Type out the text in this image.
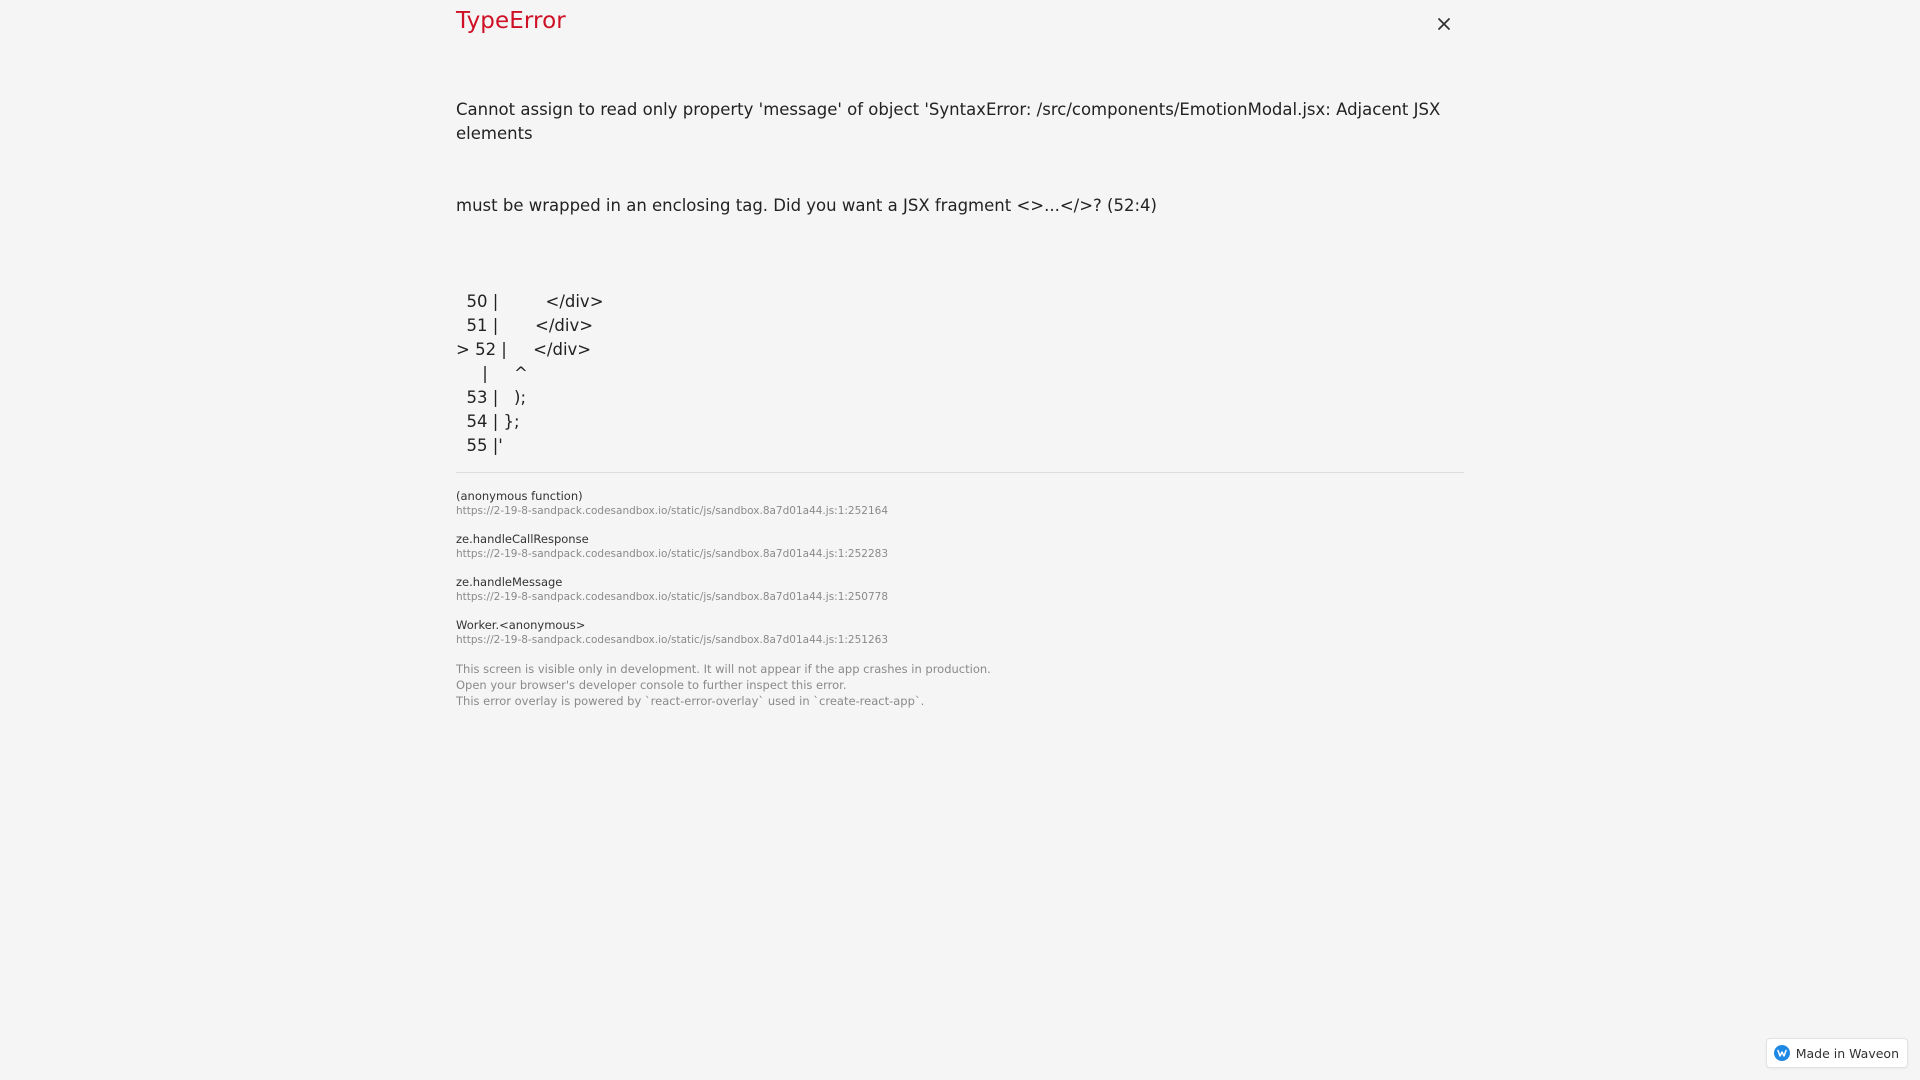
TypeError

Cannot assign to read only property 'message' of object 'SyntaxError: /src/components/EmotionModal.jsx: Adjacent JSX elements

must be wrapped in an enclosing tag. Did you want a JSX fragment <>...</>? (52:4)

50 |         </div>
51 |       </div>
> 52 |     </div>
|     ^
53 |   );
54 | };
55 |'
(anonymous function)
https://2-19-8-sandpack.codesandbox.io/static/js/sandbox.8a7d01a44.js:1:252164
ze.handleCallResponse
https://2-19-8-sandpack.codesandbox.io/static/js/sandbox.8a7d01a44.js:1:252283
ze.handleMessage
https://2-19-8-sandpack.codesandbox.io/static/js/sandbox.8a7d01a44.js:1:250778
Worker.<anonymous>
https://2-19-8-sandpack.codesandbox.io/static/js/sandbox.8a7d01a44.js:1:251263
This screen is visible only in development. It will not appear if the app crashes in production.
Open your browser's developer console to further inspect this error.
This error overlay is powered by `react-error-overlay` used in `create-react-app`.
Made in Waveon
